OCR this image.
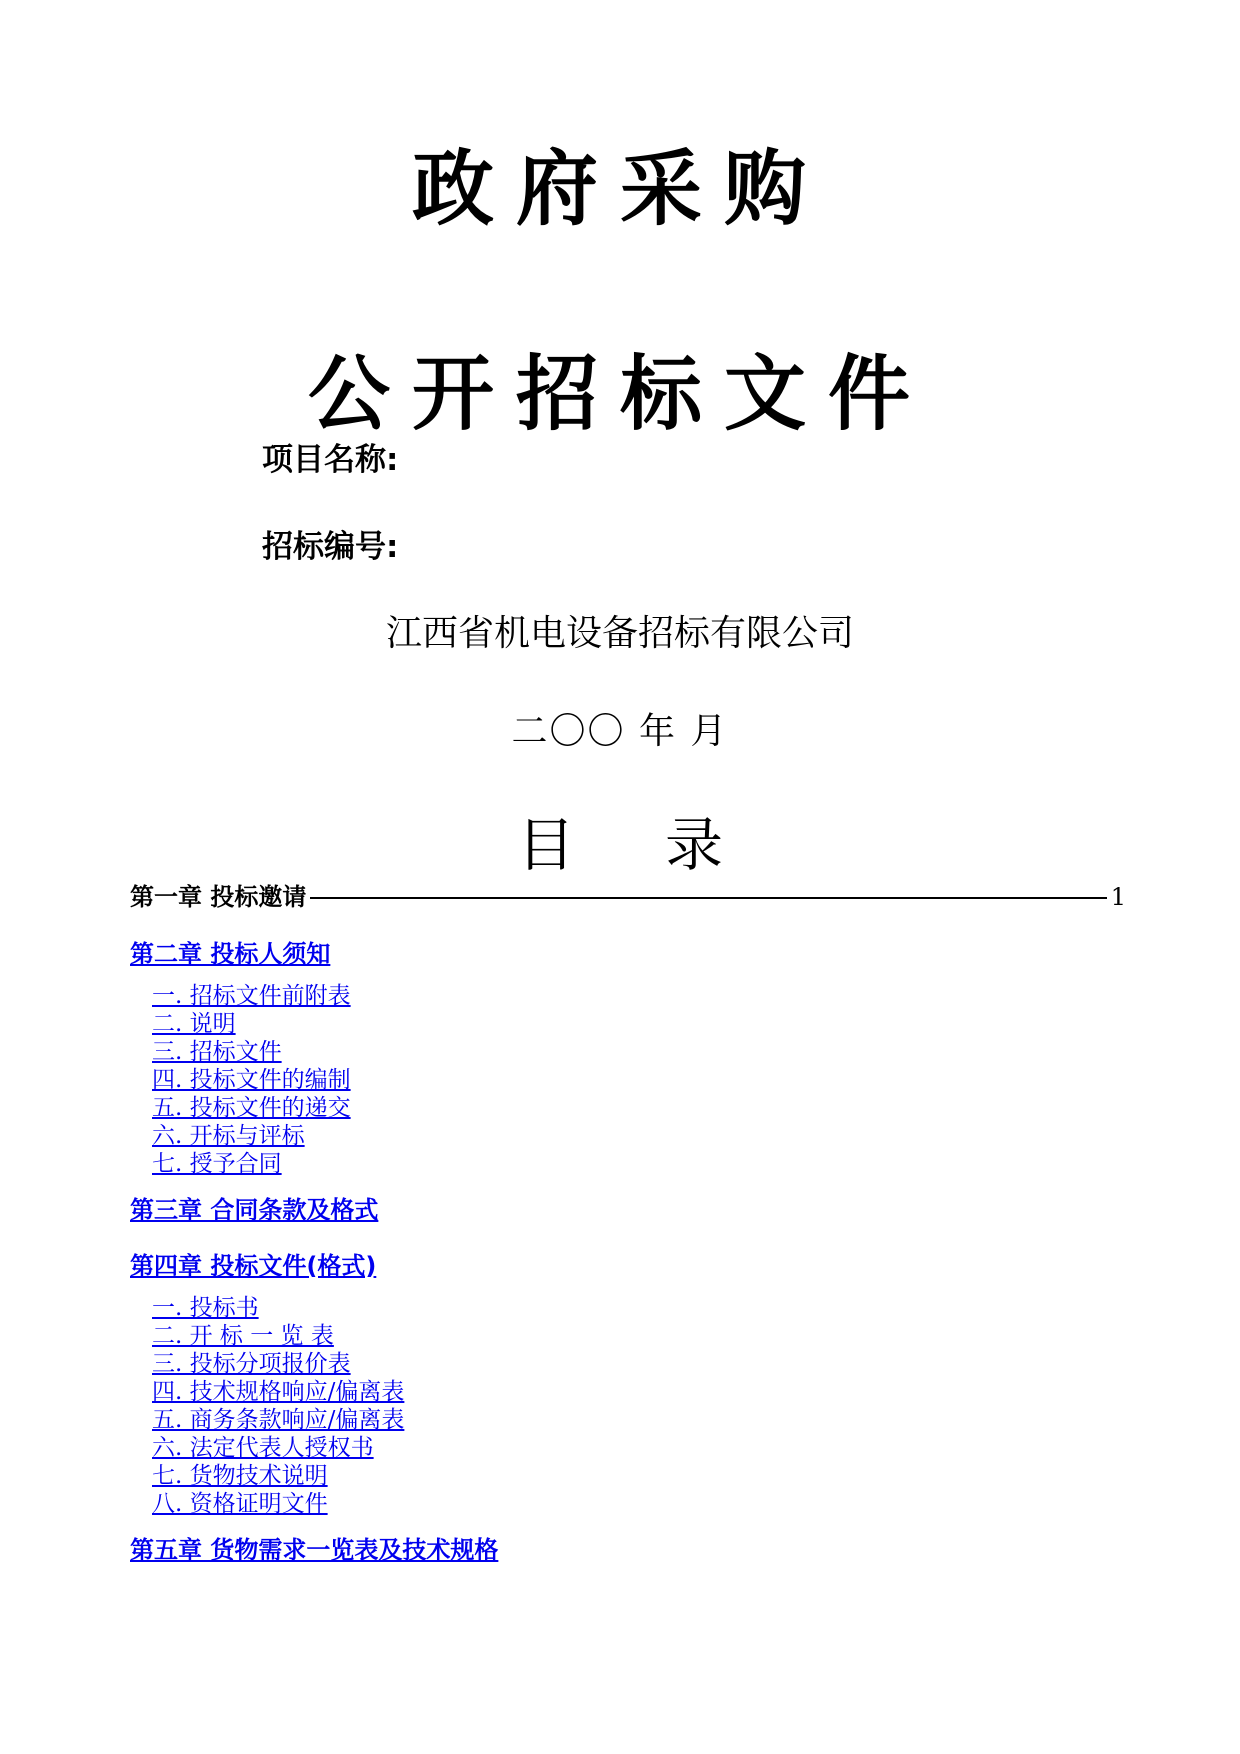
政府采购
公开招标文件
项目名称:
招标编号:
江西省机电设备招标有限公司
二〇〇 年 月
目 录
第一章 投标邀请	1
第二章 投标人须知
一. 招标文件前附表
二. 说明
三. 招标文件
四. 投标文件的编制
五. 投标文件的递交
六. 开标与评标
七. 授予合同
第三章 合同条款及格式
第四章 投标文件(格式)
一. 投标书
二. 开 标 一 览 表
三. 投标分项报价表
四. 技术规格响应/偏离表
五. 商务条款响应/偏离表
六. 法定代表人授权书
七. 货物技术说明
八. 资格证明文件
第五章 货物需求一览表及技术规格
